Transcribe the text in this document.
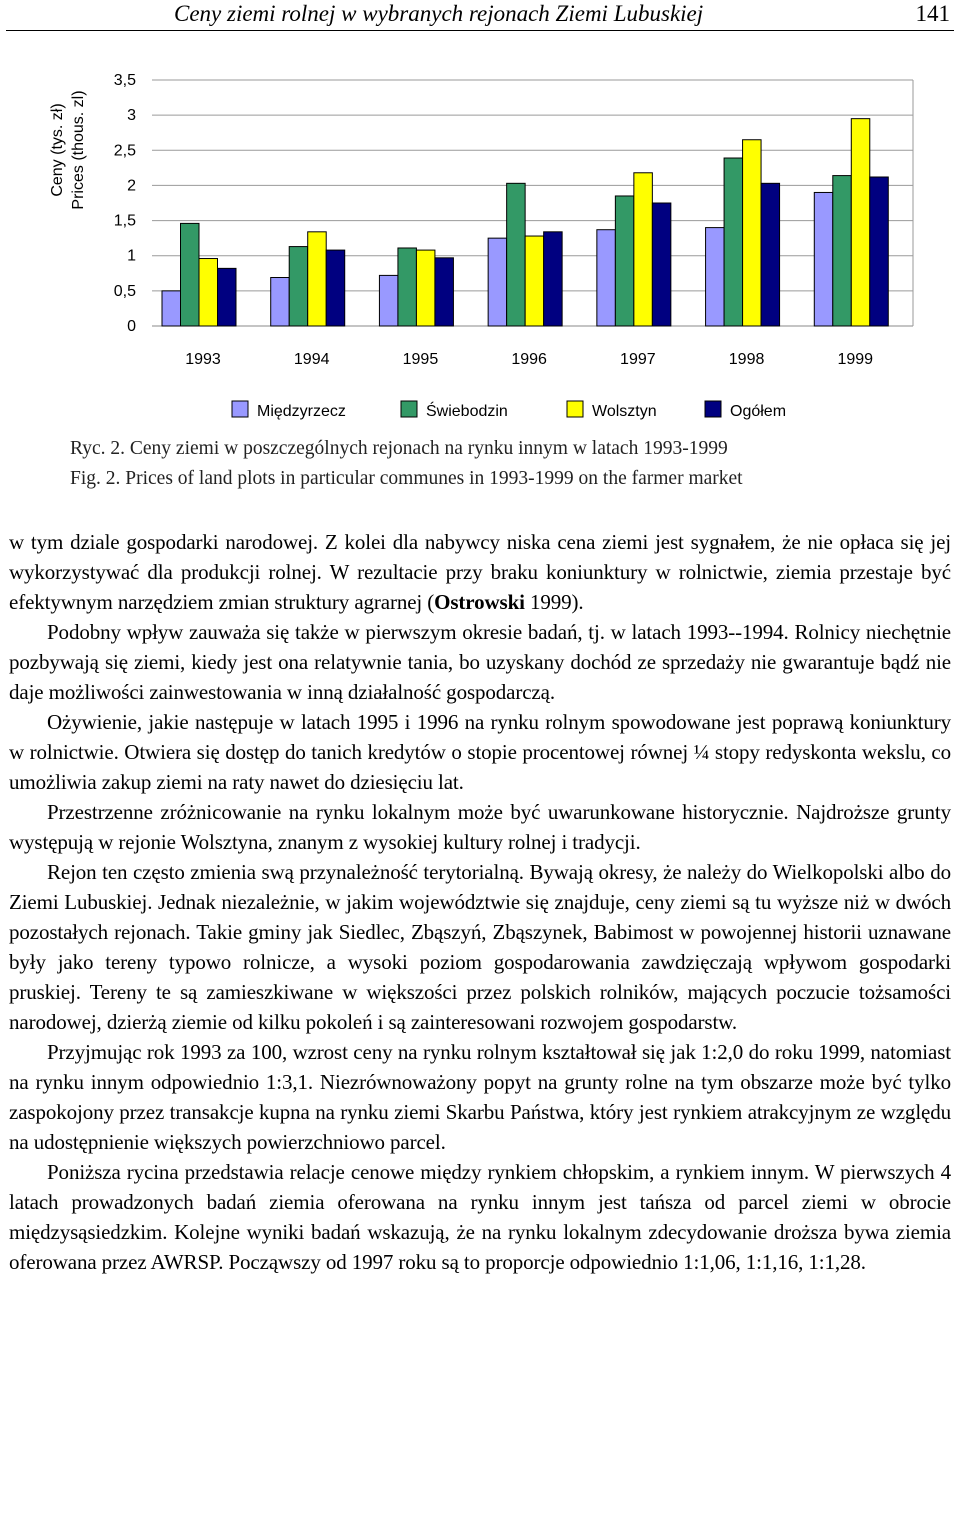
Ceny ziemi rolnej w wybranych rejonach Ziemi Lubuskiej	141
0
0,5
1
1,5
2
2,5
3
3,5
1993	1994	1995	1996	1997	1998	1999
Ceny (tys. zł) Prices (thous. zl)
Międzyrzecz	Świebodzin	Wolsztyn	Ogółem
Ryc. 2. Ceny ziemi w poszczególnych rejonach na rynku innym w latach 1993-1999
Fig. 2. Prices of land plots in particular communes in 1993-1999 on the farmer market

w tym dziale gospodarki narodowej. Z kolei dla nabywcy niska cena ziemi jest sygnałem, że nie opłaca się jej wykorzystywać dla produkcji rolnej. W rezultacie przy braku koniunktury w rolnictwie, ziemia przestaje być efektywnym narzędziem zmian struktury agrarnej (Ostrowski 1999).

Podobny wpływ zauważa się także w pierwszym okresie badań, tj. w latach 1993--1994. Rolnicy niechętnie pozbywają się ziemi, kiedy jest ona relatywnie tania, bo uzyskany dochód ze sprzedaży nie gwarantuje bądź nie daje możliwości zainwestowania w inną działalność gospodarczą.

Ożywienie, jakie następuje w latach 1995 i 1996 na rynku rolnym spowodowane jest poprawą koniunktury w rolnictwie. Otwiera się dostęp do tanich kredytów o stopie procentowej równej ¼ stopy redyskonta wekslu, co umożliwia zakup ziemi na raty nawet do dziesięciu lat.

Przestrzenne zróżnicowanie na rynku lokalnym może być uwarunkowane historycznie. Najdroższe grunty występują w rejonie Wolsztyna, znanym z wysokiej kultury rolnej i tradycji.

Rejon ten często zmienia swą przynależność terytorialną. Bywają okresy, że należy do Wielkopolski albo do Ziemi Lubuskiej. Jednak niezależnie, w jakim województwie się znajduje, ceny ziemi są tu wyższe niż w dwóch pozostałych rejonach. Takie gminy jak Siedlec, Zbąszyń, Zbąszynek, Babimost w powojennej historii uznawane były jako tereny typowo rolnicze, a wysoki poziom gospodarowania zawdzięczają wpływom gospodarki pruskiej. Tereny te są zamieszkiwane w większości przez polskich rolników, mających poczucie tożsamości narodowej, dzierżą ziemie od kilku pokoleń i są zainteresowani rozwojem gospodarstw.

Przyjmując rok 1993 za 100, wzrost ceny na rynku rolnym kształtował się jak 1:2,0 do roku 1999, natomiast na rynku innym odpowiednio 1:3,1. Niezrównoważony popyt na grunty rolne na tym obszarze może być tylko zaspokojony przez transakcje kupna na rynku ziemi Skarbu Państwa, który jest rynkiem atrakcyjnym ze względu na udostępnienie większych powierzchniowo parcel.

Poniższa rycina przedstawia relacje cenowe między rynkiem chłopskim, a rynkiem innym. W pierwszych 4 latach prowadzonych badań ziemia oferowana na rynku innym jest tańsza od parcel ziemi w obrocie międzysąsiedzkim. Kolejne wyniki badań wskazują, że na rynku lokalnym zdecydowanie droższa bywa ziemia oferowana przez AWRSP. Począwszy od 1997 roku są to proporcje odpowiednio 1:1,06, 1:1,16, 1:1,28.
